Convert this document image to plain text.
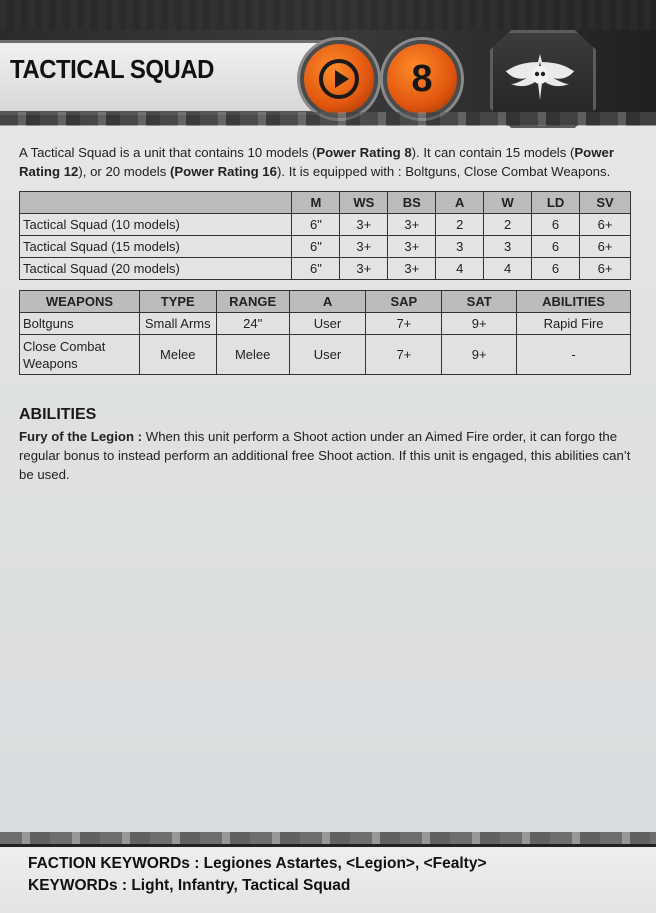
TACTICAL SQUAD	8
A Tactical Squad is a unit that contains 10 models (Power Rating 8). It can contain 15 models (Power Rating 12), or 20 models (Power Rating 16). It is equipped with : Boltguns, Close Combat Weapons.
	M	WS	BS	A	W	LD	SV
Tactical Squad (10 models)	6"	3+	3+	2	2	6	6+
Tactical Squad (15 models)	6"	3+	3+	3	3	6	6+
Tactical Squad (20 models)	6"	3+	3+	4	4	6	6+
WEAPONS	TYPE	RANGE	A	SAP	SAT	ABILITIES
Boltguns	Small Arms	24"	User	7+	9+	Rapid Fire
Close Combat Weapons	Melee	Melee	User	7+	9+	-
ABILITIES
Fury of the Legion : When this unit perform a Shoot action under an Aimed Fire order, it can forgo the regular bonus to instead perform an additional free Shoot action. If this unit is engaged, this abilities can’t be used.
FACTION KEYWORDs : Legiones Astartes, <Legion>, <Fealty>
KEYWORDs : Light, Infantry, Tactical Squad
